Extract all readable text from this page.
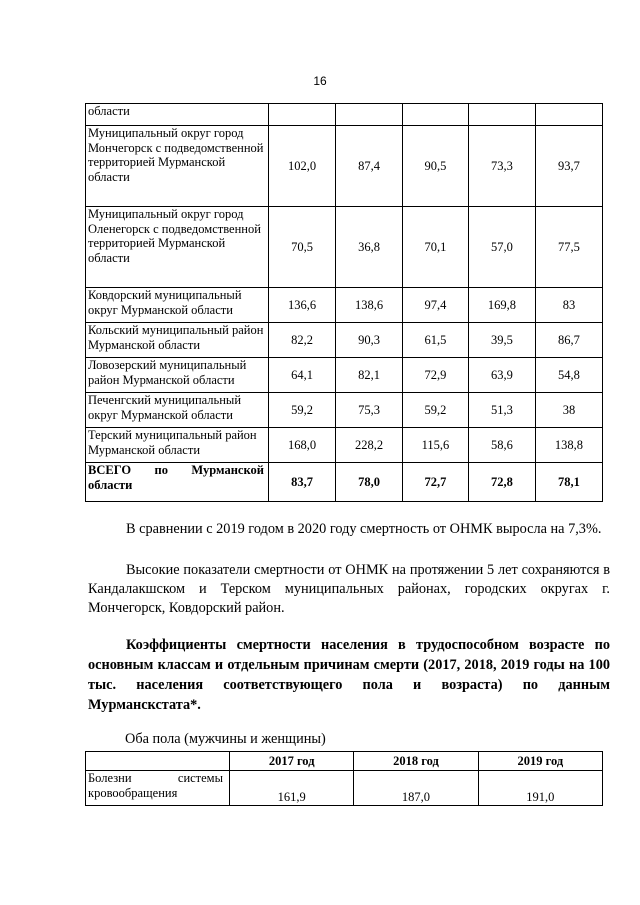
16
области					
Муниципальный округ город Мончегорск с подведомственной территорией Мурманской области	102,0	87,4	90,5	73,3	93,7
Муниципальный округ город Оленегорск с подведомственной территорией Мурманской области	70,5	36,8	70,1	57,0	77,5
Ковдорский муниципальный округ Мурманской области	136,6	138,6	97,4	169,8	83
Кольский муниципальный район Мурманской области	82,2	90,3	61,5	39,5	86,7
Ловозерский муниципальный район Мурманской области	64,1	82,1	72,9	63,9	54,8
Печенгский муниципальный округ Мурманской области	59,2	75,3	59,2	51,3	38
Терский муниципальный район Мурманской области	168,0	228,2	115,6	58,6	138,8

ВСЕГО по Мурманской
области	83,7	78,0	72,7	72,8	78,1
В сравнении с 2019 годом в 2020 году смертность от ОНМК выросла на 7,3%.
Высокие показатели смертности от ОНМК на протяжении 5 лет сохраняются в Кандалакшском и Терском муниципальных районах, городских округах г. Мончегорск, Ковдорский район.
Коэффициенты смертности населения в трудоспособном возрасте по основным классам и отдельным причинам смерти (2017, 2018, 2019 годы на 100 тыс. населения соответствующего пола и возраста) по данным Мурманскстата*.
Оба пола (мужчины и женщины)
	2017 год	2018 год	2019 год

Болезни системы
кровообращения	161,9	187,0	191,0
